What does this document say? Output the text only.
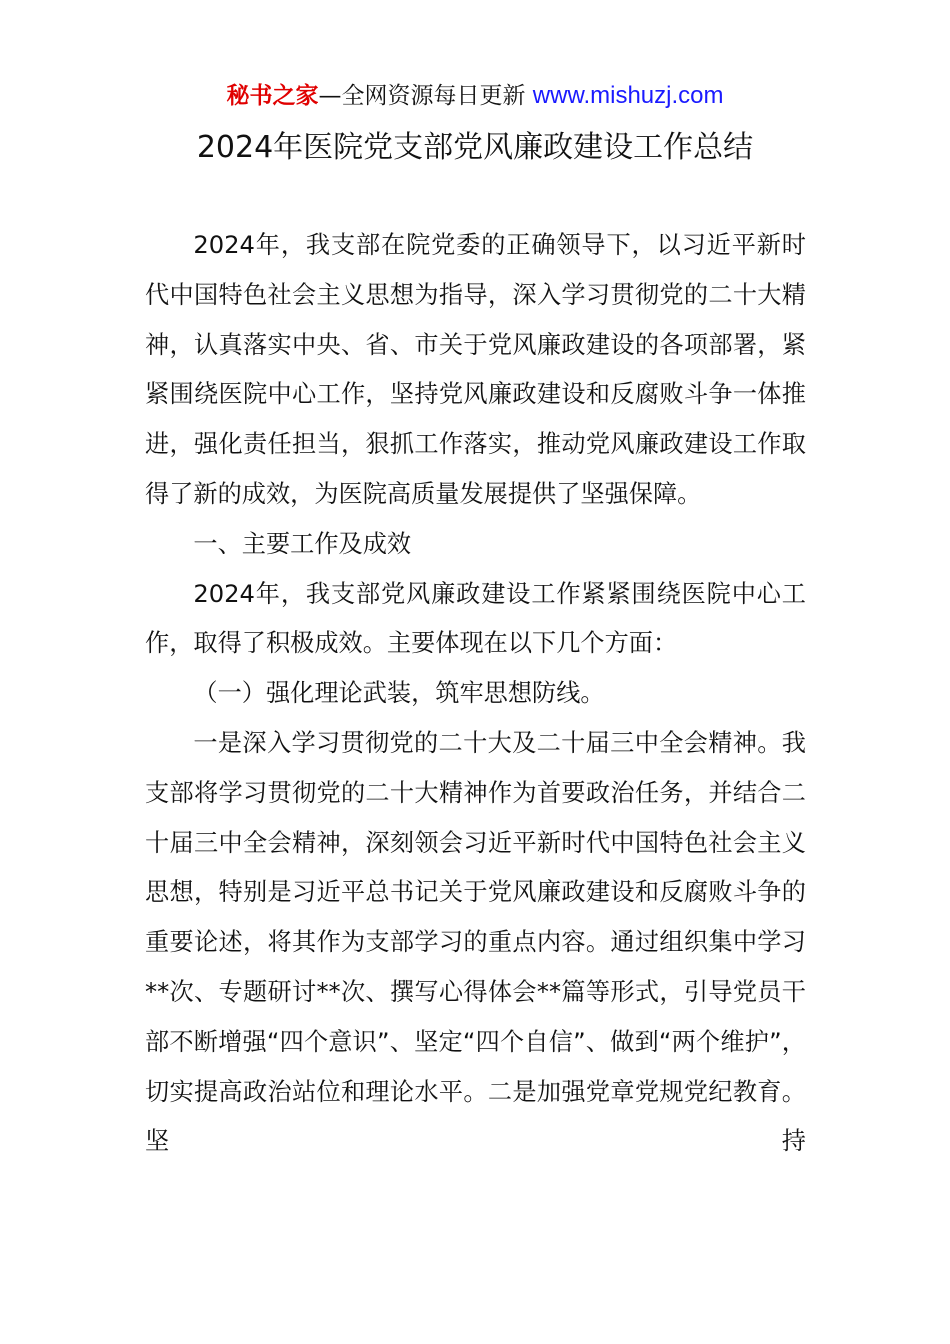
秘书之家—全网资源每日更新 www.mishuzj.com
2024年医院党支部党风廉政建设工作总结

2024年，我支部在院党委的正确领导下，以习近平新时代中国特色社会主义思想为指导，深入学习贯彻党的二十大精神，认真落实中央、省、市关于党风廉政建设的各项部署，紧紧围绕医院中心工作，坚持党风廉政建设和反腐败斗争一体推进，强化责任担当，狠抓工作落实，推动党风廉政建设工作取得了新的成效，为医院高质量发展提供了坚强保障。

一、主要工作及成效

2024年，我支部党风廉政建设工作紧紧围绕医院中心工作，取得了积极成效。主要体现在以下几个方面：

（一）强化理论武装，筑牢思想防线。

一是深入学习贯彻党的二十大及二十届三中全会精神。我支部将学习贯彻党的二十大精神作为首要政治任务，并结合二十届三中全会精神，深刻领会习近平新时代中国特色社会主义思想，特别是习近平总书记关于党风廉政建设和反腐败斗争的重要论述，将其作为支部学习的重点内容。通过组织集中学习**次、专题研讨**次、撰写心得体会**篇等形式，引导党员干部不断增强“四个意识”、坚定“四个自信”、做到“两个维护”，切实提高政治站位和理论水平。二是加强党章党规党纪教育。坚持
